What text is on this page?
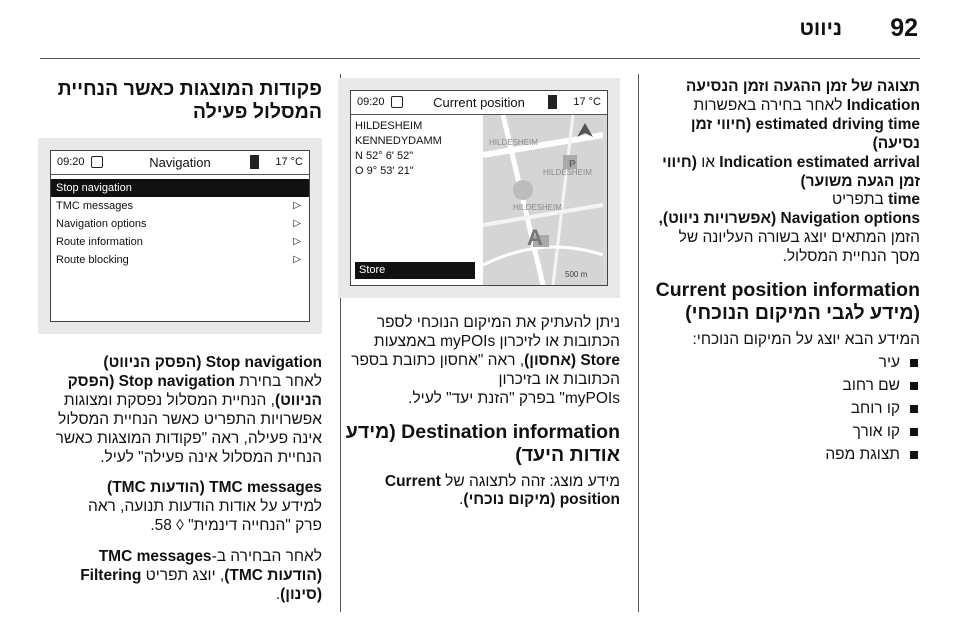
92
ניווט
תצוגה של זמן ההגעה וזמן הנסיעה
Indication לאחר בחירה באפשרות
estimated driving time (חיווי זמן נסיעה)
Indication estimated arrival או (חיווי זמן הגעה משוער)
time בתפריט
Navigation options (אפשרויות ניווט),
הזמן המתאים יוצג בשורה העליונה של
מסך הנחיית המסלול.
Current position information
(מידע לגבי המיקום הנוכחי)
המידע הבא יוצג על המיקום הנוכחי:
עיר
שם רחוב
קו רוחב
קו אורך
תצוגת מפה
09:20	Current position	17 °C
HILDESHEIM
KENNEDYDAMM
N 52° 6' 52"
O 9° 53' 21"
Store
HILDESHEIM
HILDESHEIM
HILDESHEIM
P
A
500 m
ניתן להעתיק את המיקום הנוכחי לספר
הכתובות או לזיכרון myPOIs באמצעות
Store (אחסון), ראה "אחסון כתובת בספר
הכתובות או בזיכרון
myPOIs" בפרק "הזנת יעד" לעיל.
Destination information (מידע
אודות היעד)
מידע מוצג: זהה לתצוגה של Current
position (מיקום נוכחי).
פקודות המוצגות כאשר הנחיית
המסלול פעילה
09:20	Navigation	17 °C
Stop navigation
TMC messages	▷
Navigation options	▷
Route information	▷
Route blocking	▷
Stop navigation (הפסק הניווט)
לאחר בחירת Stop navigation (הפסק
הניווט), הנחיית המסלול נפסקת ומצוגות
אפשרויות התפריט כאשר הנחיית המסלול
אינה פעילה, ראה "פקודות המוצגות כאשר
הנחיית המסלול אינה פעילה" לעיל.
TMC messages (הודעות TMC)
למידע על אודות הודעות תנועה, ראה
פרק "הנחייה דינמית" ◊ 58.
לאחר הבחירה ב-TMC messages
(הודעות TMC), יוצג תפריט Filtering
(סינון).
